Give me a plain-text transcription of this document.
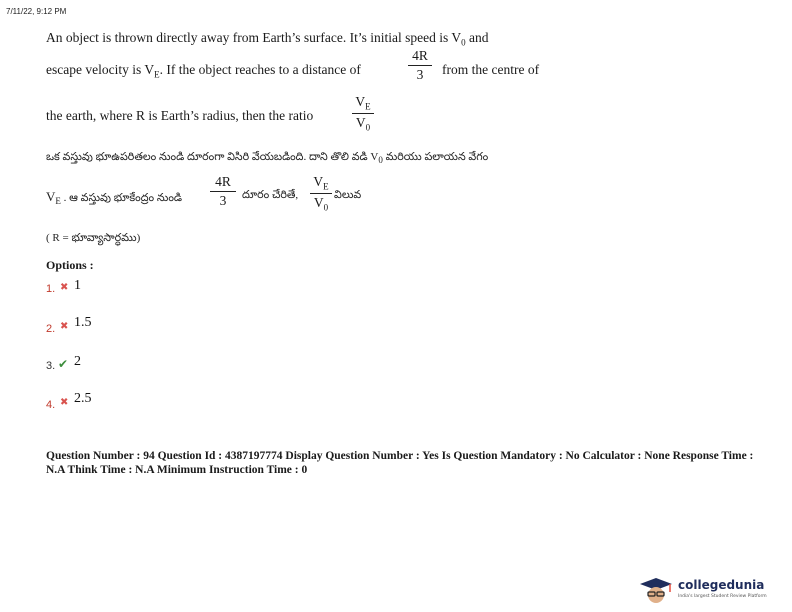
7/11/22, 9:12 PM
An object is thrown directly away from Earth’s surface. It’s initial speed is $V_0$ and
escape velocity is $V_E$. If the object reaches to a distance of
4R
3	from the centre of
the earth, where R is Earth’s radius, then the ratio
$V_E$
$V_0$
ఒక వస్తువు భూఉపరితలం నుండి దూరంగా విసిరి వేయబడింది. దాని తొలి వడి $V_0$ మరియు పలాయన వేగం
$V_E$ . ఆ వస్తువు భూకేంద్రం నుండి
4R
3	దూరం చేరితే,
$V_E$
$V_0$
విలువ
( R = భూవ్యాసార్ధము)
Options :
1. ✖ 1
2. ✖ 1.5
3. ✔ 2
4. ✖ 2.5
Question Number : 94 Question Id : 4387197774 Display Question Number : Yes Is Question Mandatory : No Calculator : None Response Time : N.A Think Time : N.A Minimum Instruction Time : 0
collegedunia
India's largest Student Review Platform
